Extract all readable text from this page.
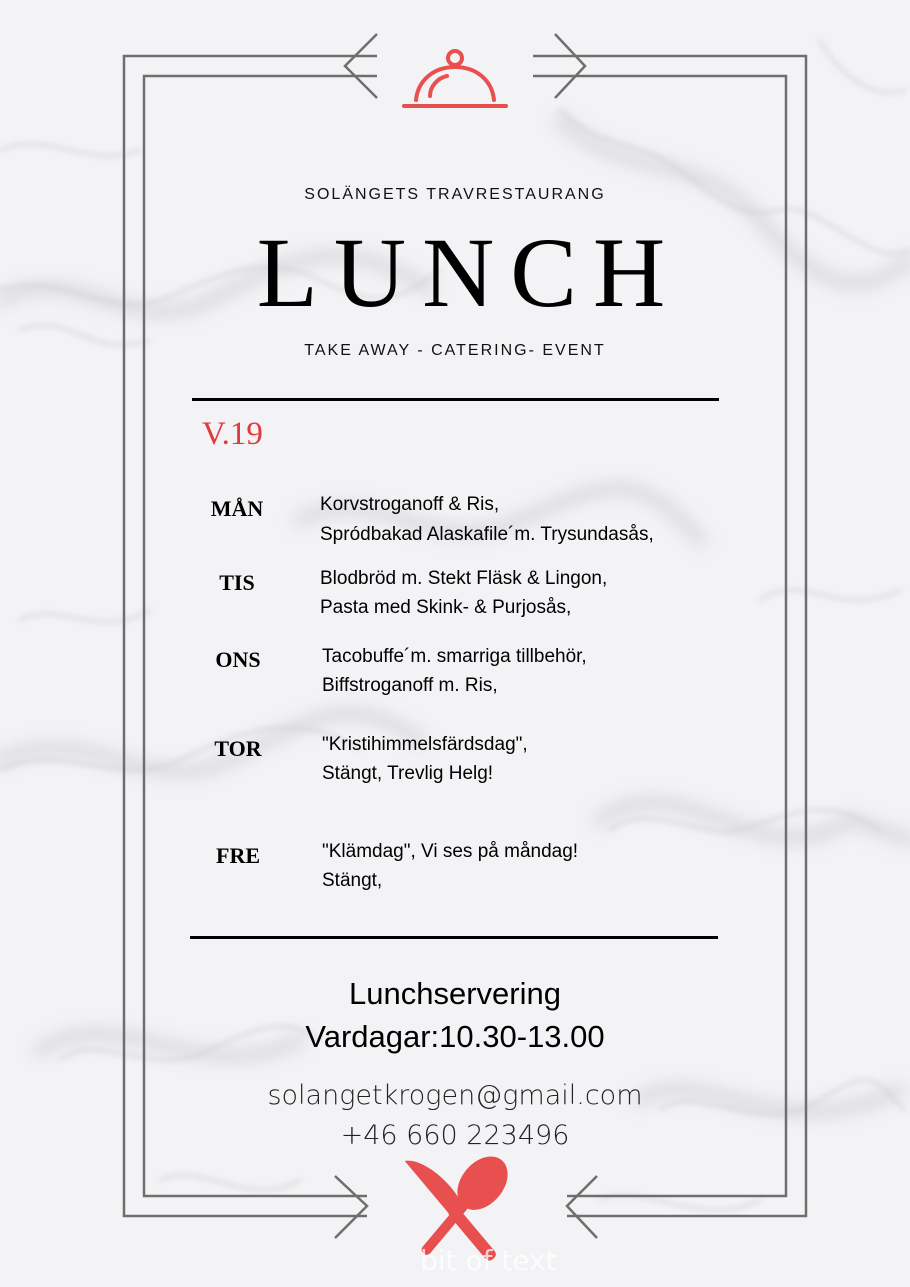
SOLÄNGETS TRAVRESTAURANG
LUNCH
TAKE AWAY - CATERING- EVENT
V.19
MÅN	Korvstroganoff & Ris,
Spródbakad Alaskafile´m. Trysundasås,
TIS	Blodbröd m. Stekt Fläsk & Lingon,
Pasta med Skink- & Purjosås,
ONS	Tacobuffe´m. smarriga tillbehör,
Biffstroganoff m. Ris,
TOR	"Kristihimmelsfärdsdag",
Stängt, Trevlig Helg!
FRE	"Klämdag", Vi ses på måndag!
Stängt,
Lunchservering
Vardagar:10.30-13.00
solangetkrogen@gmail.com
+46 660 223496
bit of text
